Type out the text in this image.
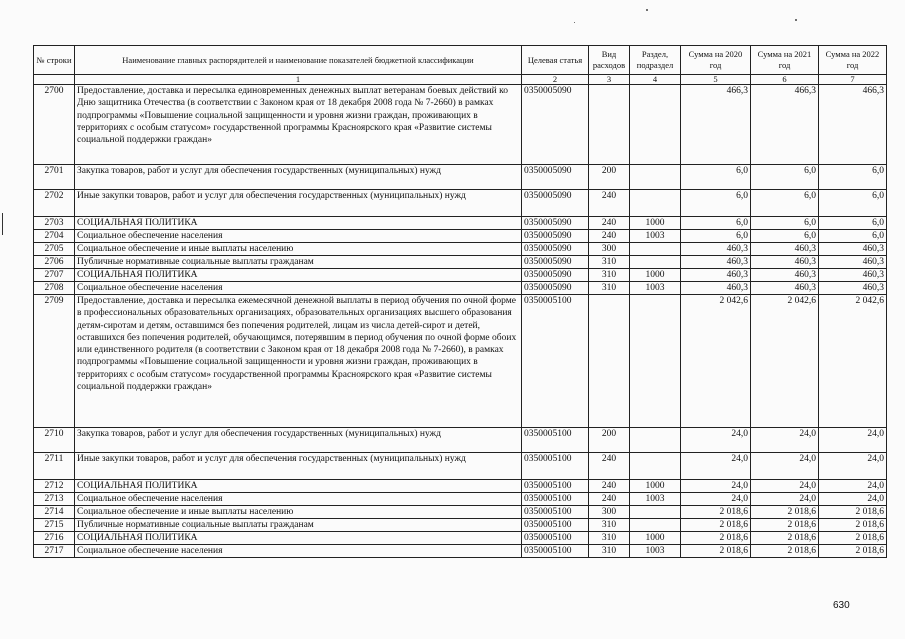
№ строки	Наименование главных распорядителей и наименование показателей бюджетной классификации	Целевая статья	Вид расходов	Раздел, подраздел	Сумма на 2020 год	Сумма на 2021 год	Сумма на 2022 год
	1	2	3	4	5	6	7
2700	Предоставление, доставка и пересылка единовременных денежных выплат ветеранам боевых действий ко Дню защитника Отечества (в соответствии с Законом края от 18 декабря 2008 года № 7-2660) в рамках подпрограммы «Повышение социальной защищенности и уровня жизни граждан, проживающих в территориях с особым статусом» государственной программы Красноярского края «Развитие системы социальной поддержки граждан»	0350005090			466,3	466,3	466,3
2701	Закупка товаров, работ и услуг для обеспечения государственных (муниципальных) нужд	0350005090	200		6,0	6,0	6,0
2702	Иные закупки товаров, работ и услуг для обеспечения государственных (муниципальных) нужд	0350005090	240		6,0	6,0	6,0
2703	СОЦИАЛЬНАЯ ПОЛИТИКА	0350005090	240	1000	6,0	6,0	6,0
2704	Социальное обеспечение населения	0350005090	240	1003	6,0	6,0	6,0
2705	Социальное обеспечение и иные выплаты населению	0350005090	300		460,3	460,3	460,3
2706	Публичные нормативные социальные выплаты гражданам	0350005090	310		460,3	460,3	460,3
2707	СОЦИАЛЬНАЯ ПОЛИТИКА	0350005090	310	1000	460,3	460,3	460,3
2708	Социальное обеспечение населения	0350005090	310	1003	460,3	460,3	460,3
2709	Предоставление, доставка и пересылка ежемесячной денежной выплаты в период обучения по очной форме в профессиональных образовательных организациях, образовательных организациях высшего образования детям-сиротам и детям, оставшимся без попечения родителей, лицам из числа детей-сирот и детей, оставшихся без попечения родителей, обучающимся, потерявшим в период обучения по очной форме обоих или единственного родителя (в соответствии с Законом края от 18 декабря 2008 года № 7-2660), в рамках подпрограммы «Повышение социальной защищенности и уровня жизни граждан, проживающих в территориях с особым статусом» государственной программы Красноярского края «Развитие системы социальной поддержки граждан»	0350005100			2 042,6	2 042,6	2 042,6
2710	Закупка товаров, работ и услуг для обеспечения государственных (муниципальных) нужд	0350005100	200		24,0	24,0	24,0
2711	Иные закупки товаров, работ и услуг для обеспечения государственных (муниципальных) нужд	0350005100	240		24,0	24,0	24,0
2712	СОЦИАЛЬНАЯ ПОЛИТИКА	0350005100	240	1000	24,0	24,0	24,0
2713	Социальное обеспечение населения	0350005100	240	1003	24,0	24,0	24,0
2714	Социальное обеспечение и иные выплаты населению	0350005100	300		2 018,6	2 018,6	2 018,6
2715	Публичные нормативные социальные выплаты гражданам	0350005100	310		2 018,6	2 018,6	2 018,6
2716	СОЦИАЛЬНАЯ ПОЛИТИКА	0350005100	310	1000	2 018,6	2 018,6	2 018,6
2717	Социальное обеспечение населения	0350005100	310	1003	2 018,6	2 018,6	2 018,6
630
